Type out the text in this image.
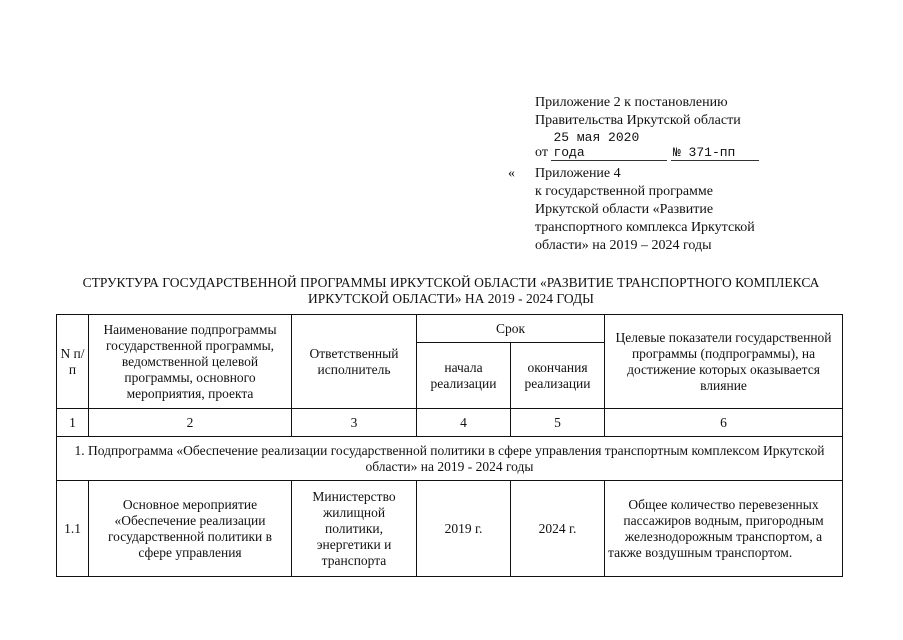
Приложение 2 к постановлению
Правительства Иркутской области
от 25 мая 2020 года	№ 371-пп
« Приложение 4
к государственной программе
Иркутской области «Развитие
транспортного комплекса Иркутской
области» на 2019 – 2024 годы
СТРУКТУРА ГОСУДАРСТВЕННОЙ ПРОГРАММЫ ИРКУТСКОЙ ОБЛАСТИ «РАЗВИТИЕ ТРАНСПОРТНОГО КОМПЛЕКСА
ИРКУТСКОЙ ОБЛАСТИ» НА 2019 - 2024 ГОДЫ
N п/п	Наименование подпрограммы государственной программы, ведомственной целевой программы, основного мероприятия, проекта	Ответственный исполнитель	Срок		Целевые показатели государственной программы (подпрограммы), на достижение которых оказывается влияние
			начала реализации	окончания реализации	
1	2	3	4	5	6
1. Подпрограмма «Обеспечение реализации государственной политики в сфере управления транспортным комплексом Иркутской области» на 2019 - 2024 годы					
1.1	Основное мероприятие «Обеспечение реализации государственной политики в сфере управления	Министерство жилищной политики, энергетики и транспорта	2019 г.	2024 г.	Общее количество перевезенных пассажиров водным, пригородным железнодорожным транспортом, а также воздушным транспортом.
